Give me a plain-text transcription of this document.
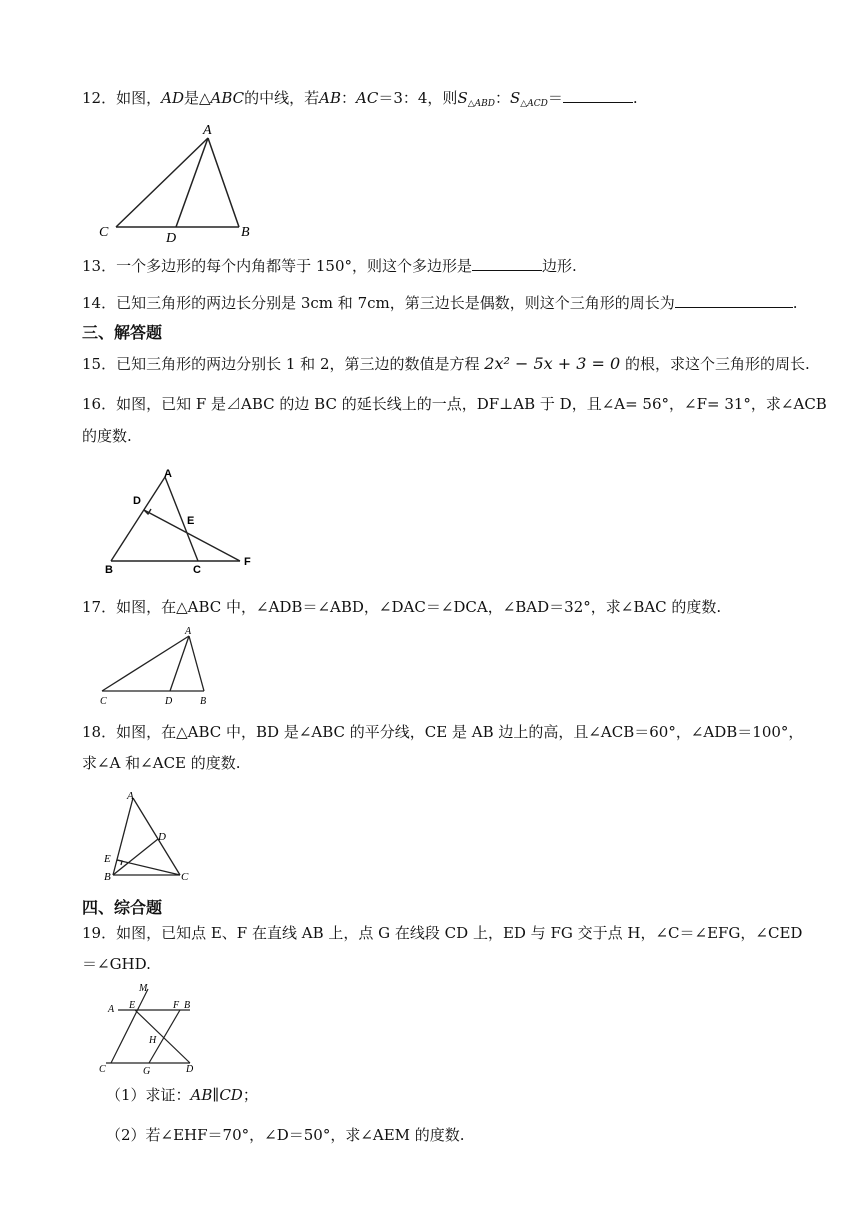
12．如图，AD是△ABC的中线，若AB：AC＝3：4，则$S_{\triangle ABD}$：$S_{\triangle ACD}=$	.
A
C	D	B
13．一个多边形的每个内角都等于 150°，则这个多边形是	边形.
14．已知三角形的两边长分别是 3cm 和 7cm，第三边长是偶数，则这个三角形的周长为	.
三、解答题
15．已知三角形的两边分别长 1 和 2，第三边的数值是方程 2x² − 5x + 3 = 0 的根，求这个三角形的周长.
16．如图，已知 F 是⊿ABC 的边 BC 的延长线上的一点，DF⊥AB 于 D，且∠A= 56°，∠F= 31°，求∠ACB
的度数.
A
D
E
B	C
F
17．如图，在△ABC 中，∠ADB＝∠ABD，∠DAC＝∠DCA，∠BAD＝32°，求∠BAC 的度数.
A
C	D	B
18．如图，在△ABC 中，BD 是∠ABC 的平分线，CE 是 AB 边上的高，且∠ACB＝60°，∠ADB＝100°，
求∠A 和∠ACE 的度数.
A
D
E
B	C
四、综合题
19．如图，已知点 E、F 在直线 AB 上，点 G 在线段 CD 上，ED 与 FG 交于点 H，∠C＝∠EFG，∠CED
＝∠GHD.
M
A E	F B
H
C	G	D
（1）求证：AB∥CD；
（2）若∠EHF＝70°，∠D＝50°，求∠AEM 的度数.
